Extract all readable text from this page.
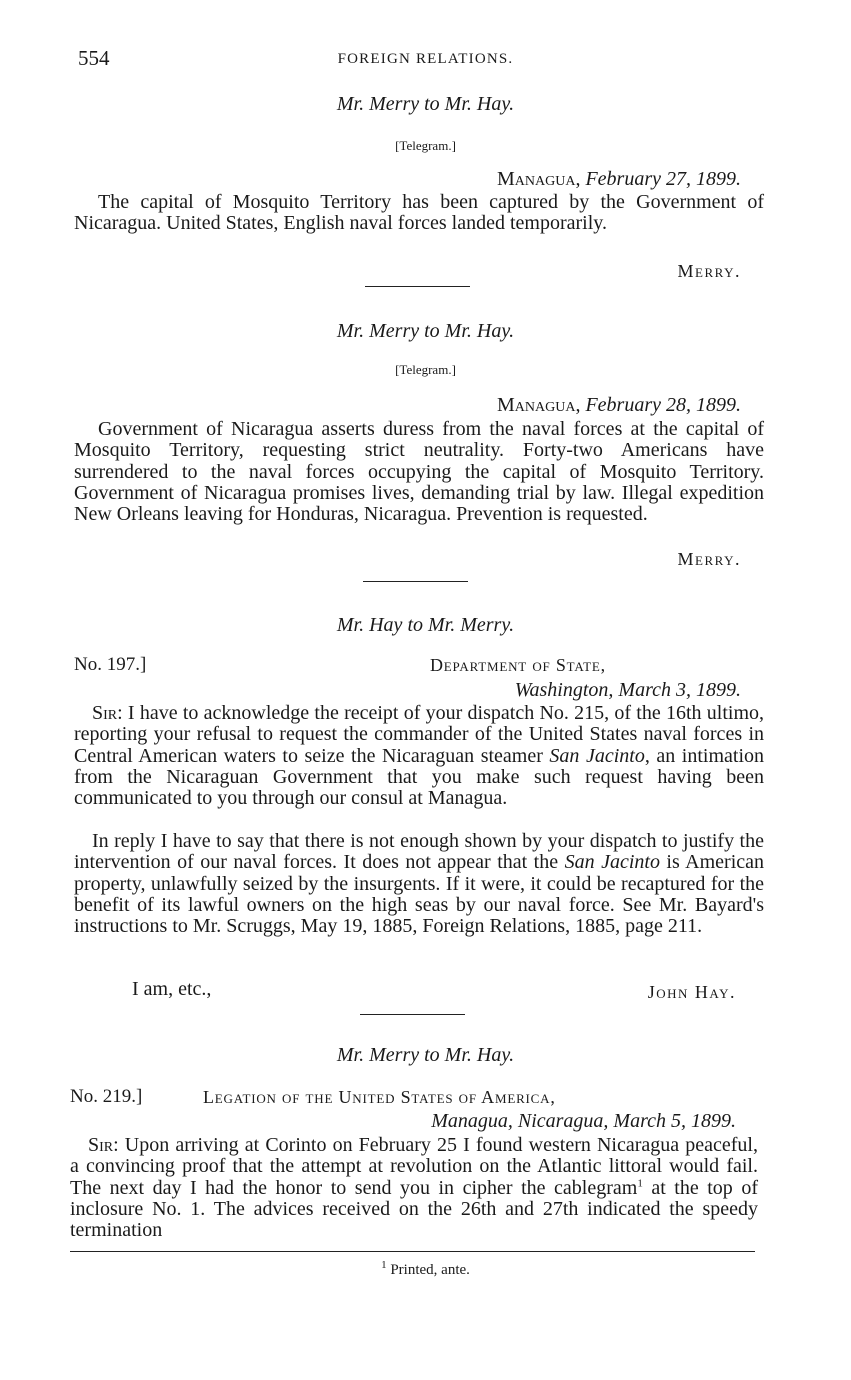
554	FOREIGN RELATIONS.
Mr. Merry to Mr. Hay.
[Telegram.]
Managua, February 27, 1899.
The capital of Mosquito Territory has been captured by the Government of Nicaragua. United States, English naval forces landed temporarily.
Merry.
Mr. Merry to Mr. Hay.
[Telegram.]
Managua, February 28, 1899.
Government of Nicaragua asserts duress from the naval forces at the capital of Mosquito Territory, requesting strict neutrality. Forty-two Americans have surrendered to the naval forces occupying the capital of Mosquito Territory. Government of Nicaragua promises lives, demanding trial by law. Illegal expedition New Orleans leaving for Honduras, Nicaragua. Prevention is requested.
Merry.
Mr. Hay to Mr. Merry.
No. 197.]	Department of State,
Washington, March 3, 1899.
Sir: I have to acknowledge the receipt of your dispatch No. 215, of the 16th ultimo, reporting your refusal to request the commander of the United States naval forces in Central American waters to seize the Nicaraguan steamer San Jacinto, an intimation from the Nicaraguan Government that you make such request having been communicated to you through our consul at Managua.
In reply I have to say that there is not enough shown by your dispatch to justify the intervention of our naval forces. It does not appear that the San Jacinto is American property, unlawfully seized by the insurgents. If it were, it could be recaptured for the benefit of its lawful owners on the high seas by our naval force. See Mr. Bayard's instructions to Mr. Scruggs, May 19, 1885, Foreign Relations, 1885, page 211.
I am, etc.,	John Hay.
Mr. Merry to Mr. Hay.
No. 219.]	Legation of the United States of America,
Managua, Nicaragua, March 5, 1899.
Sir: Upon arriving at Corinto on February 25 I found western Nicaragua peaceful, a convincing proof that the attempt at revolution on the Atlantic littoral would fail. The next day I had the honor to send you in cipher the cablegram$^1$ at the top of inclosure No. 1. The advices received on the 26th and 27th indicated the speedy termination
$^1$ Printed, ante.
